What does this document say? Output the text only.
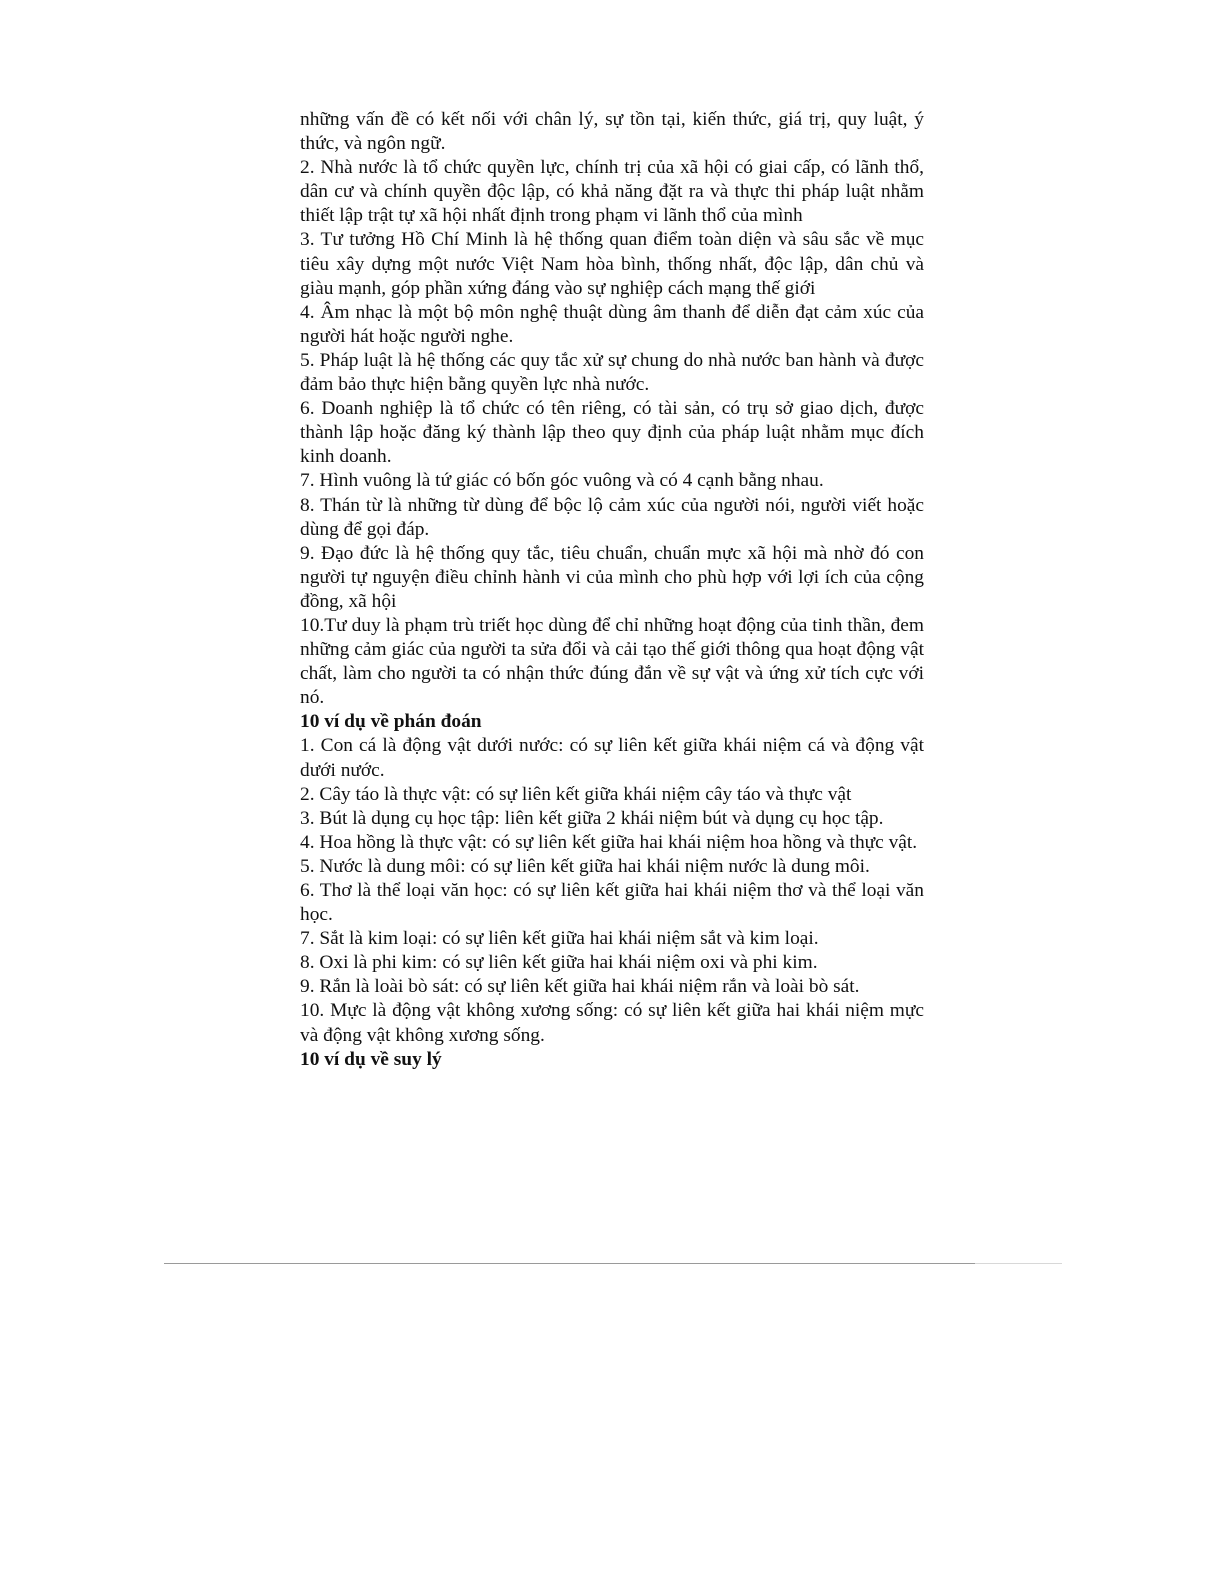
những vấn đề có kết nối với chân lý, sự tồn tại, kiến thức, giá trị, quy luật, ý thức, và ngôn ngữ.

2. Nhà nước là tổ chức quyền lực, chính trị của xã hội có giai cấp, có lãnh thổ, dân cư và chính quyền độc lập, có khả năng đặt ra và thực thi pháp luật nhằm thiết lập trật tự xã hội nhất định trong phạm vi lãnh thổ của mình

3. Tư tưởng Hồ Chí Minh là hệ thống quan điểm toàn diện và sâu sắc về mục tiêu xây dựng một nước Việt Nam hòa bình, thống nhất, độc lập, dân chủ và giàu mạnh, góp phần xứng đáng vào sự nghiệp cách mạng thế giới

4. Âm nhạc là một bộ môn nghệ thuật dùng âm thanh để diễn đạt cảm xúc của người hát hoặc người nghe.

5. Pháp luật là hệ thống các quy tắc xử sự chung do nhà nước ban hành và được đảm bảo thực hiện bằng quyền lực nhà nước.

6. Doanh nghiệp là tổ chức có tên riêng, có tài sản, có trụ sở giao dịch, được thành lập hoặc đăng ký thành lập theo quy định của pháp luật nhằm mục đích kinh doanh.

7. Hình vuông là tứ giác có bốn góc vuông và có 4 cạnh bằng nhau.

8. Thán từ là những từ dùng để bộc lộ cảm xúc của người nói, người viết hoặc dùng để gọi đáp.

9. Đạo đức là hệ thống quy tắc, tiêu chuẩn, chuẩn mực xã hội mà nhờ đó con người tự nguyện điều chỉnh hành vi của mình cho phù hợp với lợi ích của cộng đồng, xã hội

10.Tư duy là phạm trù triết học dùng để chỉ những hoạt động của tinh thần, đem những cảm giác của người ta sửa đổi và cải tạo thế giới thông qua hoạt động vật chất, làm cho người ta có nhận thức đúng đắn về sự vật và ứng xử tích cực với nó.

10 ví dụ về phán đoán

1. Con cá là động vật dưới nước: có sự liên kết giữa khái niệm cá và động vật dưới nước.

2. Cây táo là thực vật: có sự liên kết giữa khái niệm cây táo và thực vật

3. Bút là dụng cụ học tập: liên kết giữa 2 khái niệm bút và dụng cụ học tập.

4. Hoa hồng là thực vật: có sự liên kết giữa hai khái niệm hoa hồng và thực vật.

5. Nước là dung môi: có sự liên kết giữa hai khái niệm nước là dung môi.

6. Thơ là thể loại văn học: có sự liên kết giữa hai khái niệm thơ và thể loại văn học.

7. Sắt là kim loại: có sự liên kết giữa hai khái niệm sắt và kim loại.

8. Oxi là phi kim: có sự liên kết giữa hai khái niệm oxi và phi kim.

9. Rắn là loài bò sát: có sự liên kết giữa hai khái niệm rắn và loài bò sát.

10. Mực là động vật không xương sống: có sự liên kết giữa hai khái niệm mực và động vật không xương sống.

10 ví dụ về suy lý
